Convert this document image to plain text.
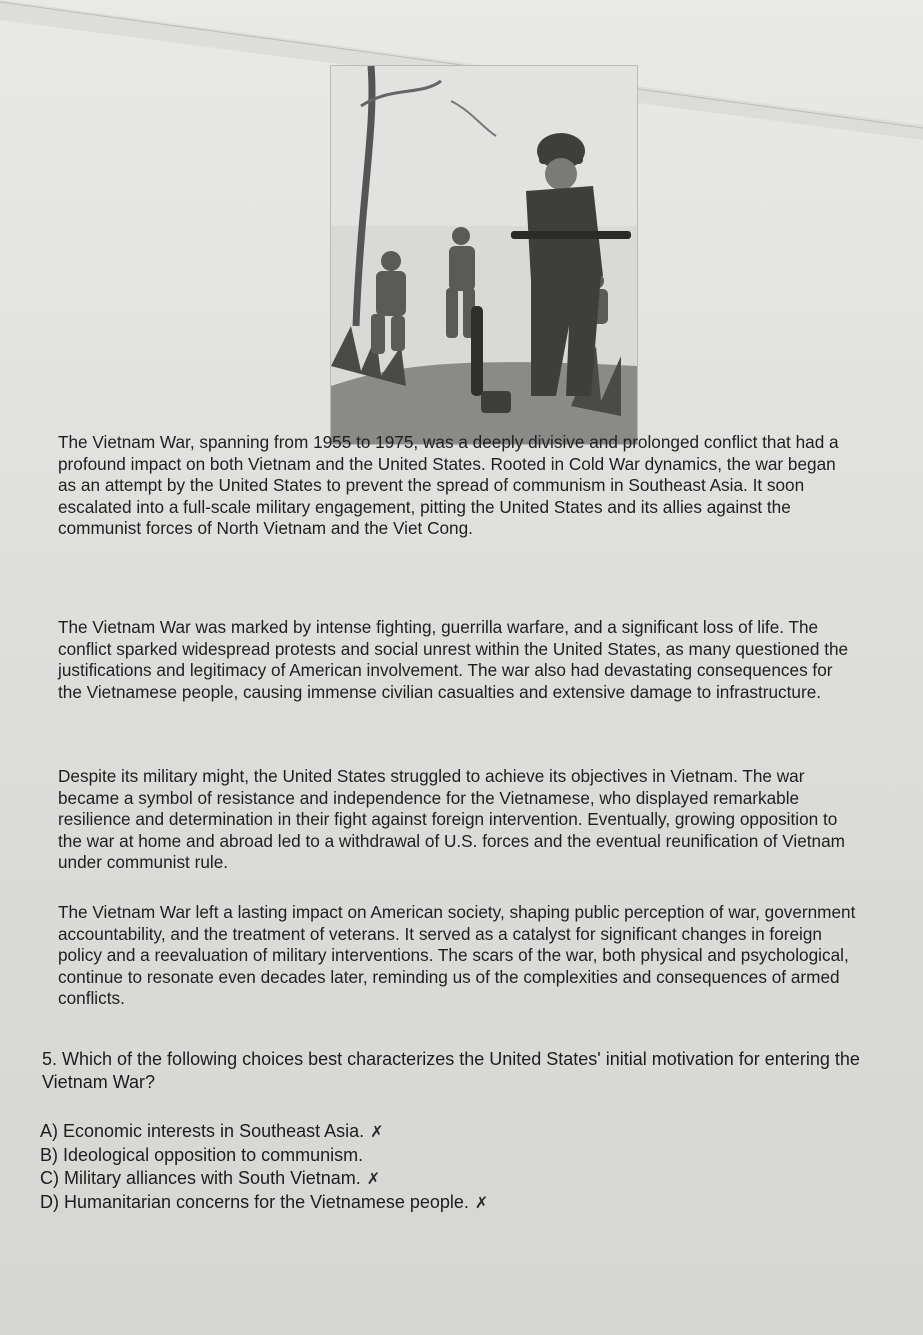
The Vietnam War, spanning from 1955 to 1975, was a deeply divisive and prolonged conflict that had a profound impact on both Vietnam and the United States. Rooted in Cold War dynamics, the war began as an attempt by the United States to prevent the spread of communism in Southeast Asia. It soon escalated into a full-scale military engagement, pitting the United States and its allies against the communist forces of North Vietnam and the Viet Cong.

The Vietnam War was marked by intense fighting, guerrilla warfare, and a significant loss of life. The conflict sparked widespread protests and social unrest within the United States, as many questioned the justifications and legitimacy of American involvement. The war also had devastating consequences for the Vietnamese people, causing immense civilian casualties and extensive damage to infrastructure.

Despite its military might, the United States struggled to achieve its objectives in Vietnam. The war became a symbol of resistance and independence for the Vietnamese, who displayed remarkable resilience and determination in their fight against foreign intervention. Eventually, growing opposition to the war at home and abroad led to a withdrawal of U.S. forces and the eventual reunification of Vietnam under communist rule.

The Vietnam War left a lasting impact on American society, shaping public perception of war, government accountability, and the treatment of veterans. It served as a catalyst for significant changes in foreign policy and a reevaluation of military interventions. The scars of the war, both physical and psychological, continue to resonate even decades later, reminding us of the complexities and consequences of armed conflicts.

5. Which of the following choices best characterizes the United States' initial motivation for entering the Vietnam War?

A) Economic interests in Southeast Asia. ✗
B) Ideological opposition to communism.
C) Military alliances with South Vietnam. ✗
D) Humanitarian concerns for the Vietnamese people. ✗
